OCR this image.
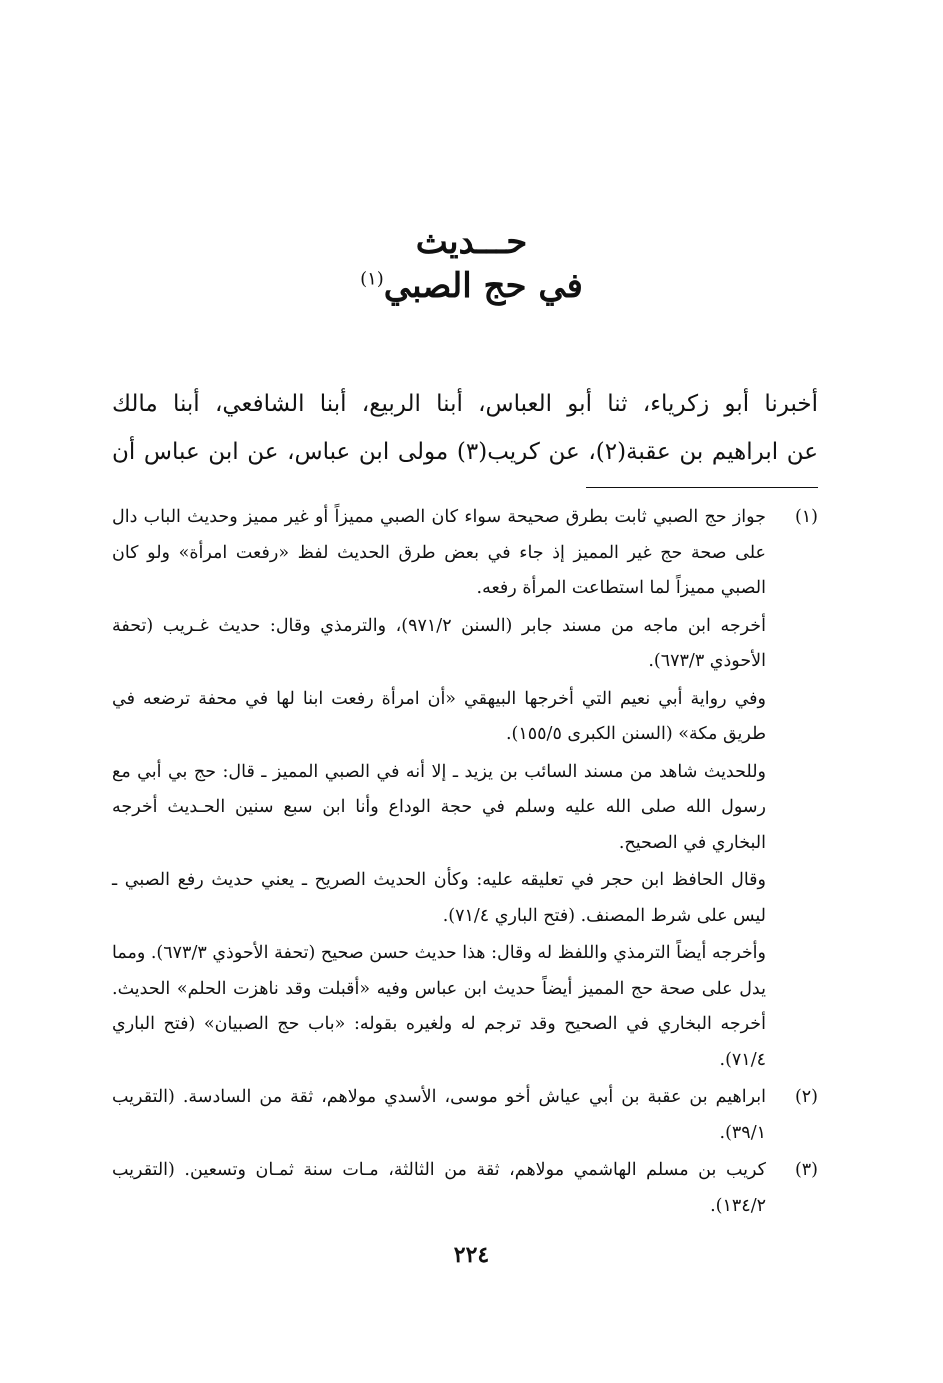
حـــديث
في حج الصبي$^{(١)}$
أخبرنا أبو زكرياء، ثنا أبو العباس، أبنا الربيع، أبنا الشافعي، أبنا مالك
عن ابراهيم بن عقبة(٢)، عن كريب(٣) مولى ابن عباس، عن ابن عباس أن
(١)
جواز حج الصبي ثابت بطرق صحيحة سواء كان الصبي مميزاً أو غير مميز وحديث الباب دال على صحة حج غير المميز إذ جاء في بعض طرق الحديث لفظ «رفعت امرأة» ولو كان الصبي مميزاً لما استطاعت المرأة رفعه.
أخرجه ابن ماجه من مسند جابر (السنن ٩٧١/٢)، والترمذي وقال: حديث غـريب (تحفة الأحوذي ٦٧٣/٣).
وفي رواية أبي نعيم التي أخرجها البيهقي «أن امرأة رفعت ابنا لها في محفة ترضعه في طريق مكة» (السنن الكبرى ١٥٥/٥).
وللحديث شاهد من مسند السائب بن يزيد ـ إلا أنه في الصبي المميز ـ قال: حج بي أبي مع رسول الله صلى الله عليه وسلم في حجة الوداع وأنا ابن سبع سنين الحـديث أخرجه البخاري في الصحيح.
وقال الحافظ ابن حجر في تعليقه عليه: وكأن الحديث الصريح ـ يعني حديث رفع الصبي ـ ليس على شرط المصنف. (فتح الباري ٧١/٤).
وأخرجه أيضاً الترمذي واللفظ له وقال: هذا حديث حسن صحيح (تحفة الأحوذي ٦٧٣/٣). ومما يدل على صحة حج المميز أيضاً حديث ابن عباس وفيه «أقبلت وقد ناهزت الحلم» الحديث. أخرجه البخاري في الصحيح وقد ترجم له ولغيره بقوله: «باب حج الصبيان» (فتح الباري ٧١/٤).
(٢)
ابراهيم بن عقبة بن أبي عياش أخو موسى، الأسدي مولاهم، ثقة من السادسة. (التقريب ٣٩/١).
(٣)
كريب بن مسلم الهاشمي مولاهم، ثقة من الثالثة، مـات سنة ثمـان وتسعين. (التقريب ١٣٤/٢).
٢٢٤
